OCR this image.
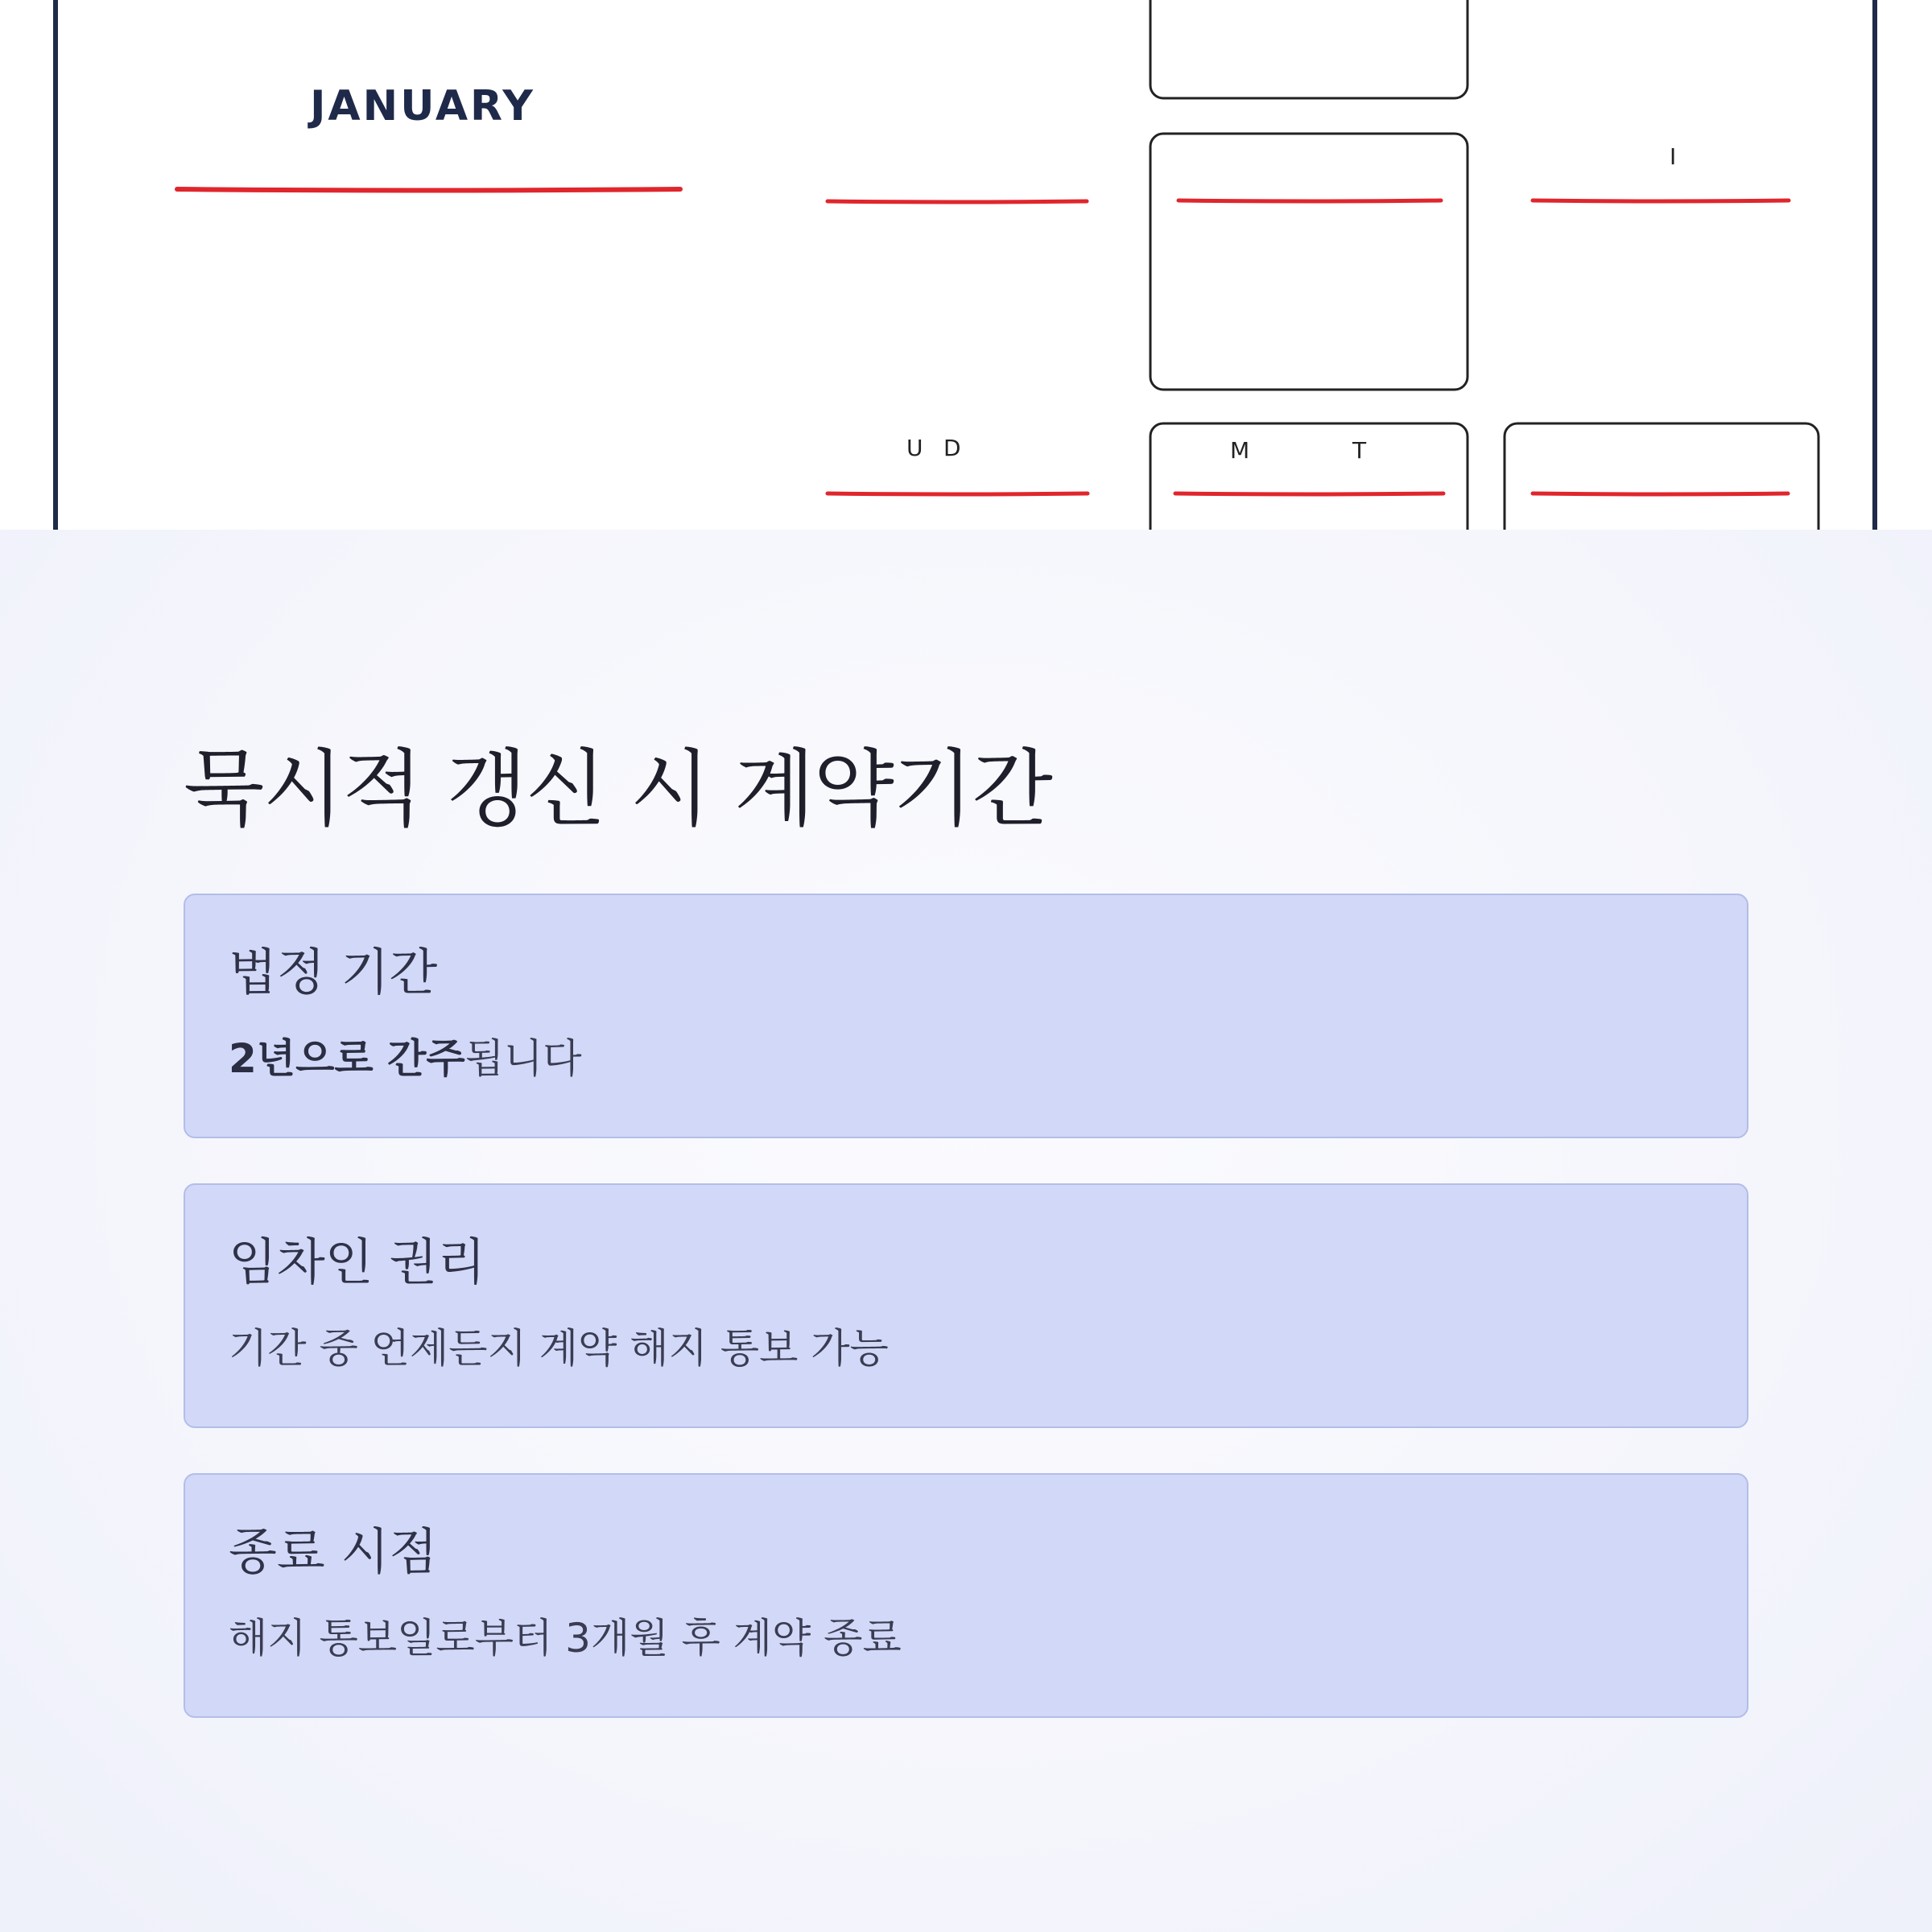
JANUARY
I
U D	M	T
묵시적 갱신 시 계약기간
법정 기간
2년으로 간주됩니다
임차인 권리
기간 중 언제든지 계약 해지 통보 가능
종료 시점
해지 통보일로부터 3개월 후 계약 종료
